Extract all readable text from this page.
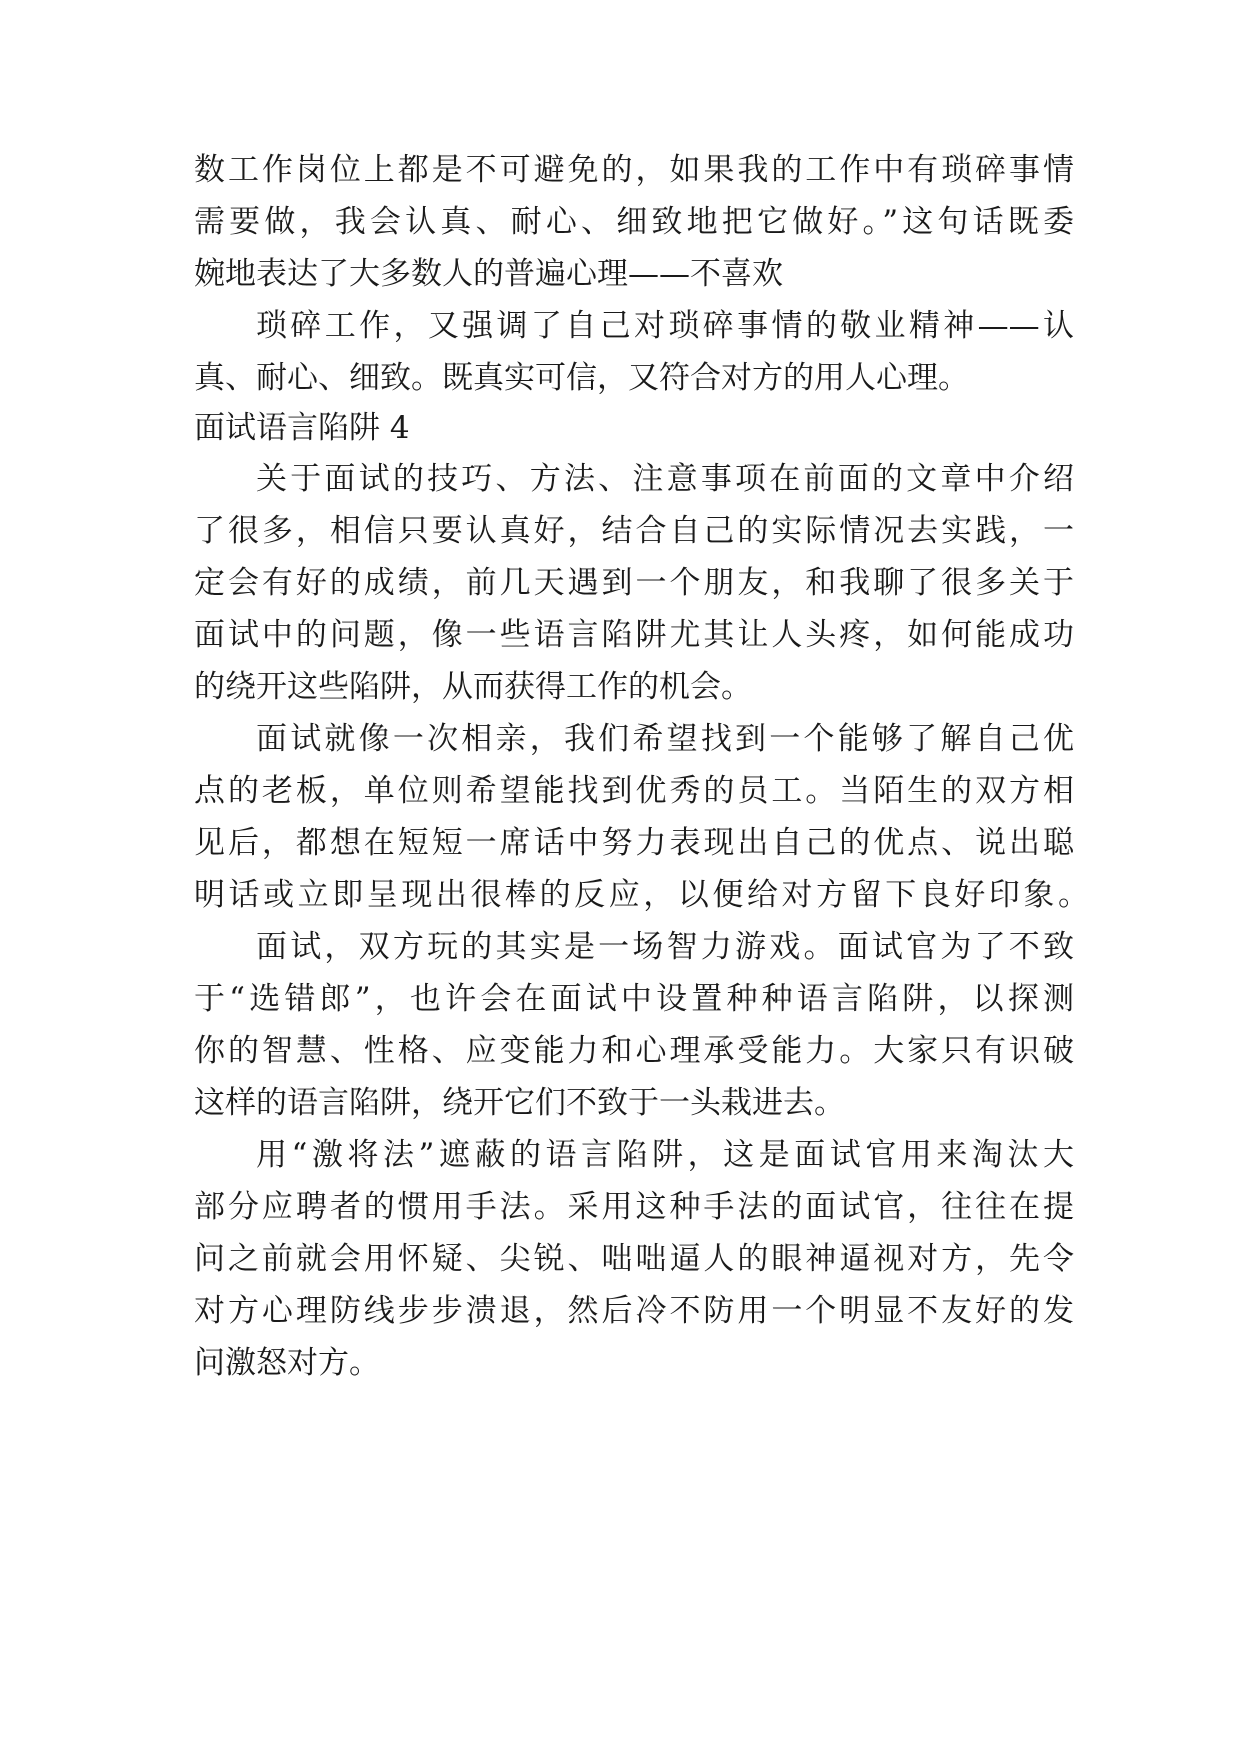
数工作岗位上都是不可避免的，如果我的工作中有琐碎事情
需要做，我会认真、耐心、细致地把它做好。”这句话既委
婉地表达了大多数人的普遍心理——不喜欢
琐碎工作，又强调了自己对琐碎事情的敬业精神——认
真、耐心、细致。既真实可信，又符合对方的用人心理。
面试语言陷阱 4
关于面试的技巧、方法、注意事项在前面的文章中介绍
了很多，相信只要认真好，结合自己的实际情况去实践，一
定会有好的成绩，前几天遇到一个朋友，和我聊了很多关于
面试中的问题，像一些语言陷阱尤其让人头疼，如何能成功
的绕开这些陷阱，从而获得工作的机会。
面试就像一次相亲，我们希望找到一个能够了解自己优
点的老板，单位则希望能找到优秀的员工。当陌生的双方相
见后，都想在短短一席话中努力表现出自己的优点、说出聪
明话或立即呈现出很棒的反应，以便给对方留下良好印象。
面试，双方玩的其实是一场智力游戏。面试官为了不致
于“选错郎”，也许会在面试中设置种种语言陷阱，以探测
你的智慧、性格、应变能力和心理承受能力。大家只有识破
这样的语言陷阱，绕开它们不致于一头栽进去。
用“激将法”遮蔽的语言陷阱，这是面试官用来淘汰大
部分应聘者的惯用手法。采用这种手法的面试官，往往在提
问之前就会用怀疑、尖锐、咄咄逼人的眼神逼视对方，先令
对方心理防线步步溃退，然后冷不防用一个明显不友好的发
问激怒对方。
